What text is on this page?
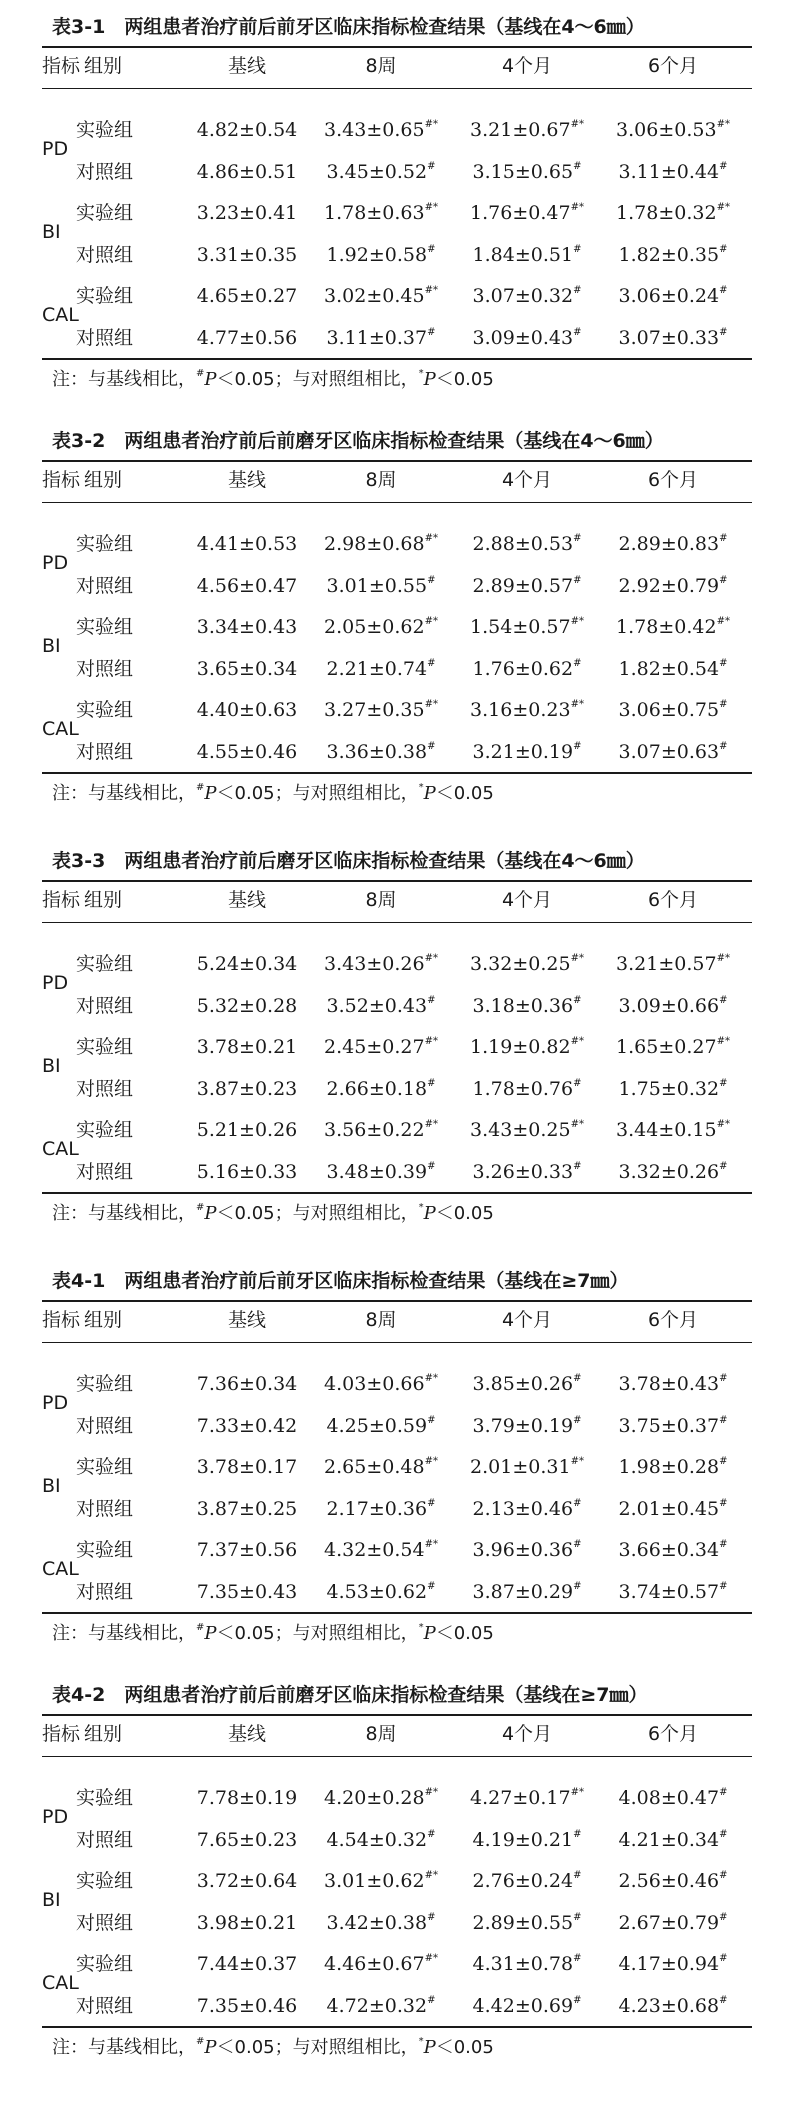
表3-1　两组患者治疗前后前牙区临床指标检查结果（基线在4～6㎜）
指标 组别	基线	8周	4个月	6个月
PD
实验组	4.82±0.54	3.43±0.65#*	3.21±0.67#*	3.06±0.53#*
对照组	4.86±0.51	3.45±0.52#	3.15±0.65#	3.11±0.44#
BI
实验组	3.23±0.41	1.78±0.63#*	1.76±0.47#*	1.78±0.32#*
对照组	3.31±0.35	1.92±0.58#	1.84±0.51#	1.82±0.35#
CAL
实验组	4.65±0.27	3.02±0.45#*	3.07±0.32#	3.06±0.24#
对照组	4.77±0.56	3.11±0.37#	3.09±0.43#	3.07±0.33#
注：与基线相比，#P＜0.05；与对照组相比，*P＜0.05
表3-2　两组患者治疗前后前磨牙区临床指标检查结果（基线在4～6㎜）
指标 组别	基线	8周	4个月	6个月
PD
实验组	4.41±0.53	2.98±0.68#*	2.88±0.53#	2.89±0.83#
对照组	4.56±0.47	3.01±0.55#	2.89±0.57#	2.92±0.79#
BI
实验组	3.34±0.43	2.05±0.62#*	1.54±0.57#*	1.78±0.42#*
对照组	3.65±0.34	2.21±0.74#	1.76±0.62#	1.82±0.54#
CAL
实验组	4.40±0.63	3.27±0.35#*	3.16±0.23#*	3.06±0.75#
对照组	4.55±0.46	3.36±0.38#	3.21±0.19#	3.07±0.63#
注：与基线相比，#P＜0.05；与对照组相比，*P＜0.05
表3-3　两组患者治疗前后磨牙区临床指标检查结果（基线在4～6㎜）
指标 组别	基线	8周	4个月	6个月
PD
实验组	5.24±0.34	3.43±0.26#*	3.32±0.25#*	3.21±0.57#*
对照组	5.32±0.28	3.52±0.43#	3.18±0.36#	3.09±0.66#
BI
实验组	3.78±0.21	2.45±0.27#*	1.19±0.82#*	1.65±0.27#*
对照组	3.87±0.23	2.66±0.18#	1.78±0.76#	1.75±0.32#
CAL
实验组	5.21±0.26	3.56±0.22#*	3.43±0.25#*	3.44±0.15#*
对照组	5.16±0.33	3.48±0.39#	3.26±0.33#	3.32±0.26#
注：与基线相比，#P＜0.05；与对照组相比，*P＜0.05
表4-1　两组患者治疗前后前牙区临床指标检查结果（基线在≥7㎜）
指标 组别	基线	8周	4个月	6个月
PD
实验组	7.36±0.34	4.03±0.66#*	3.85±0.26#	3.78±0.43#
对照组	7.33±0.42	4.25±0.59#	3.79±0.19#	3.75±0.37#
BI
实验组	3.78±0.17	2.65±0.48#*	2.01±0.31#*	1.98±0.28#
对照组	3.87±0.25	2.17±0.36#	2.13±0.46#	2.01±0.45#
CAL
实验组	7.37±0.56	4.32±0.54#*	3.96±0.36#	3.66±0.34#
对照组	7.35±0.43	4.53±0.62#	3.87±0.29#	3.74±0.57#
注：与基线相比，#P＜0.05；与对照组相比，*P＜0.05
表4-2　两组患者治疗前后前磨牙区临床指标检查结果（基线在≥7㎜）
指标 组别	基线	8周	4个月	6个月
PD
实验组	7.78±0.19	4.20±0.28#*	4.27±0.17#*	4.08±0.47#
对照组	7.65±0.23	4.54±0.32#	4.19±0.21#	4.21±0.34#
BI
实验组	3.72±0.64	3.01±0.62#*	2.76±0.24#	2.56±0.46#
对照组	3.98±0.21	3.42±0.38#	2.89±0.55#	2.67±0.79#
CAL
实验组	7.44±0.37	4.46±0.67#*	4.31±0.78#	4.17±0.94#
对照组	7.35±0.46	4.72±0.32#	4.42±0.69#	4.23±0.68#
注：与基线相比，#P＜0.05；与对照组相比，*P＜0.05
